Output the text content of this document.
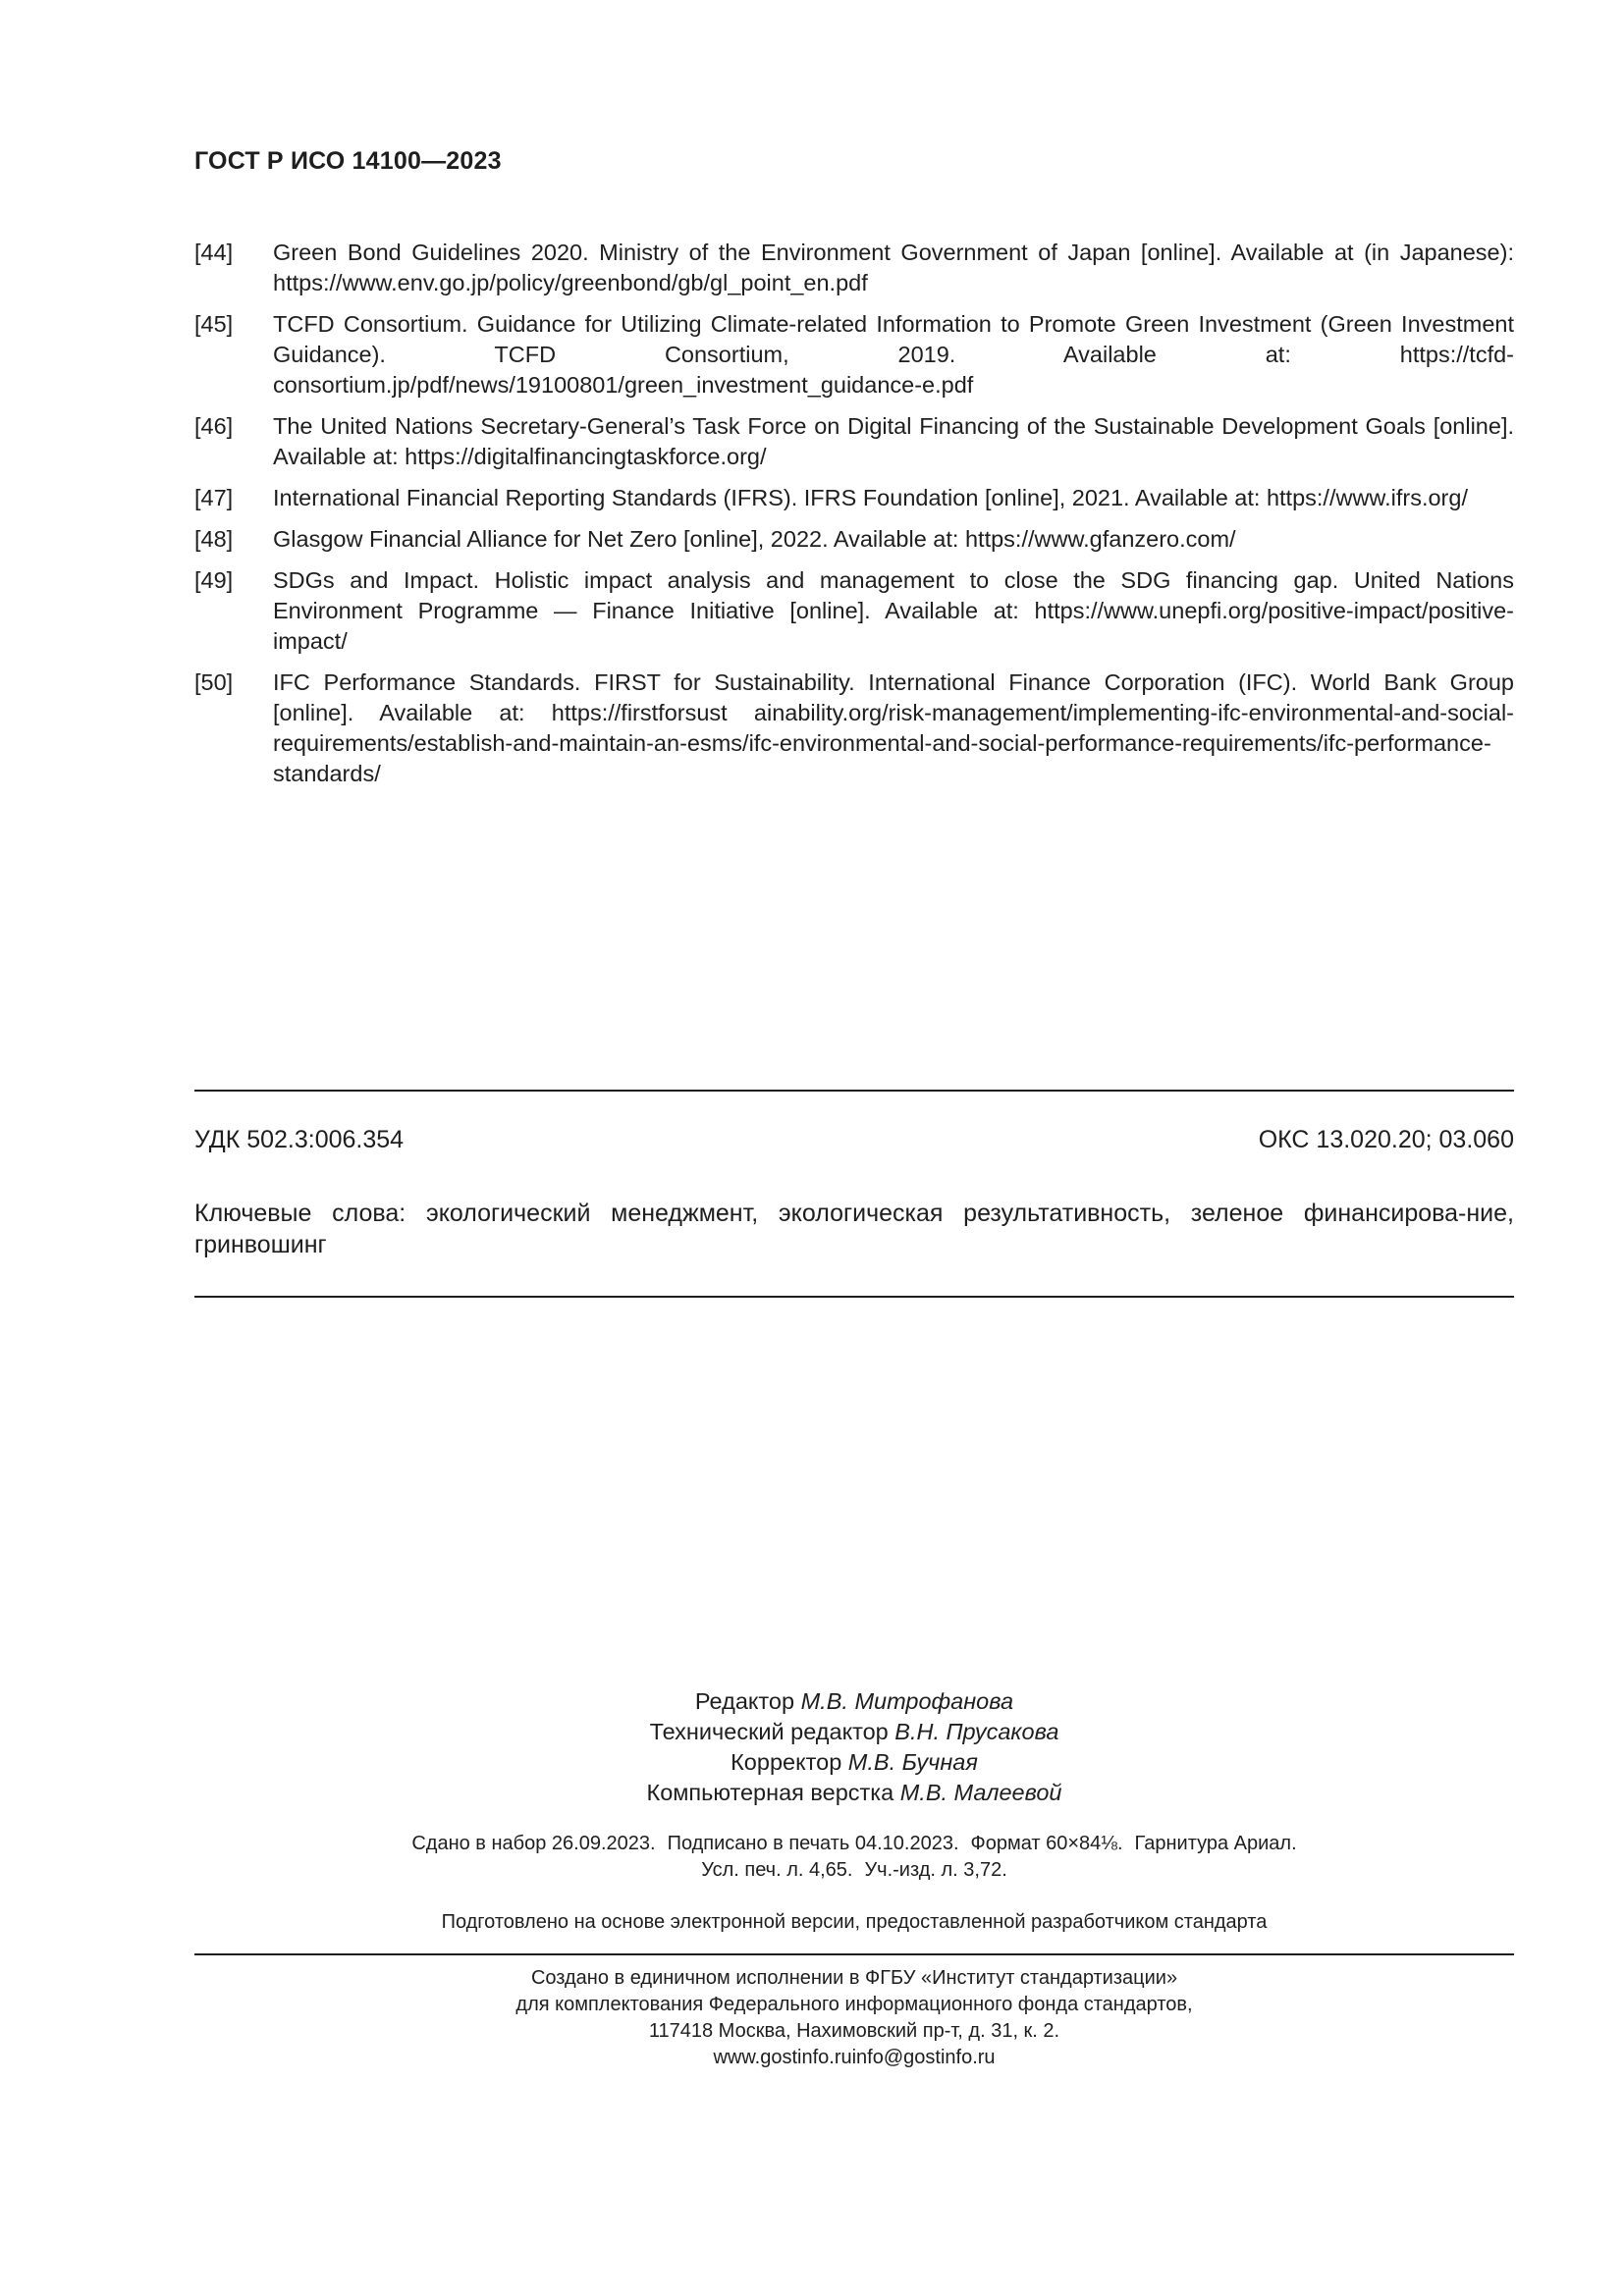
ГОСТ Р ИСО 14100—2023
[44]	Green Bond Guidelines 2020. Ministry of the Environment Government of Japan [online]. Available at (in Japanese): https://www.env.go.jp/policy/greenbond/gb/gl_point_en.pdf
[45]	TCFD Consortium. Guidance for Utilizing Climate-related Information to Promote Green Investment (Green Investment Guidance). TCFD Consortium, 2019. Available at: https://tcfd-consortium.jp/pdf/news/19100801/green_investment_guidance-e.pdf
[46]	The United Nations Secretary-General’s Task Force on Digital Financing of the Sustainable Development Goals [online]. Available at: https://digitalfinancingtaskforce.org/
[47]	International Financial Reporting Standards (IFRS). IFRS Foundation [online], 2021. Available at: https://www.ifrs.org/
[48]	Glasgow Financial Alliance for Net Zero [online], 2022. Available at: https://www.gfanzero.com/
[49]	SDGs and Impact. Holistic impact analysis and management to close the SDG financing gap. United Nations Environment Programme — Finance Initiative [online]. Available at: https://www.unepfi.org/positive-impact/positive-impact/
[50]	IFC Performance Standards. FIRST for Sustainability. International Finance Corporation (IFC). World Bank Group [online]. Available at: https://firstforsust ainability.org/risk-management/implementing-ifc-environmental-and-social-requirements/establish-and-maintain-an-esms/ifc-environmental-and-social-performance-requirements/ifc-performance-standards/
УДК 502.3:006.354	ОКС 13.020.20; 03.060
Ключевые слова: экологический менеджмент, экологическая результативность, зеленое финансирова-ние, гринвошинг
Редактор М.В. Митрофанова
Технический редактор В.Н. Прусакова
Корректор М.В. Бучная
Компьютерная верстка М.В. Малеевой
Сдано в набор 26.09.2023. Подписано в печать 04.10.2023. Формат 60×84⅛. Гарнитура Ариал.
Усл. печ. л. 4,65. Уч.-изд. л. 3,72.
Подготовлено на основе электронной версии, предоставленной разработчиком стандарта
Создано в единичном исполнении в ФГБУ «Институт стандартизации»
для комплектования Федерального информационного фонда стандартов,
117418 Москва, Нахимовский пр-т, д. 31, к. 2.
www.gostinfo.ruinfo@gostinfo.ru
